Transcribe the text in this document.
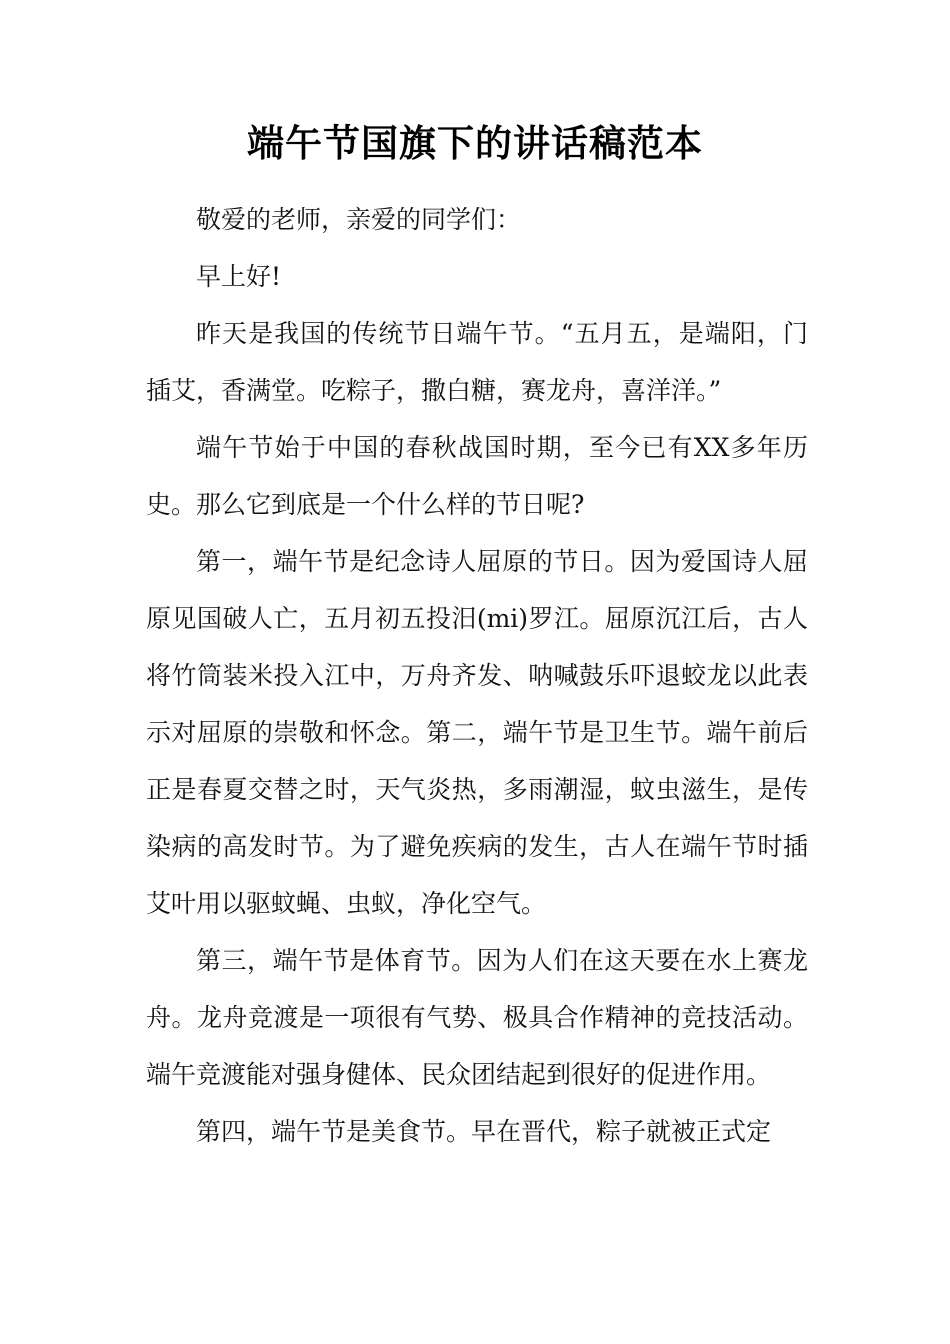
端午节国旗下的讲话稿范本

敬爱的老师，亲爱的同学们：

早上好!

昨天是我国的传统节日端午节。“五月五，是端阳，门插艾，香满堂。吃粽子，撒白糖，赛龙舟，喜洋洋。”

端午节始于中国的春秋战国时期，至今已有XX多年历史。那么它到底是一个什么样的节日呢?

第一，端午节是纪念诗人屈原的节日。因为爱国诗人屈原见国破人亡，五月初五投汨(mi)罗江。屈原沉江后，古人将竹筒装米投入江中，万舟齐发、呐喊鼓乐吓退蛟龙以此表示对屈原的崇敬和怀念。第二，端午节是卫生节。端午前后正是春夏交替之时，天气炎热，多雨潮湿，蚊虫滋生，是传染病的高发时节。为了避免疾病的发生，古人在端午节时插艾叶用以驱蚊蝇、虫蚁，净化空气。

第三，端午节是体育节。因为人们在这天要在水上赛龙舟。龙舟竞渡是一项很有气势、极具合作精神的竞技活动。端午竞渡能对强身健体、民众团结起到很好的促进作用。

第四，端午节是美食节。早在晋代，粽子就被正式定
